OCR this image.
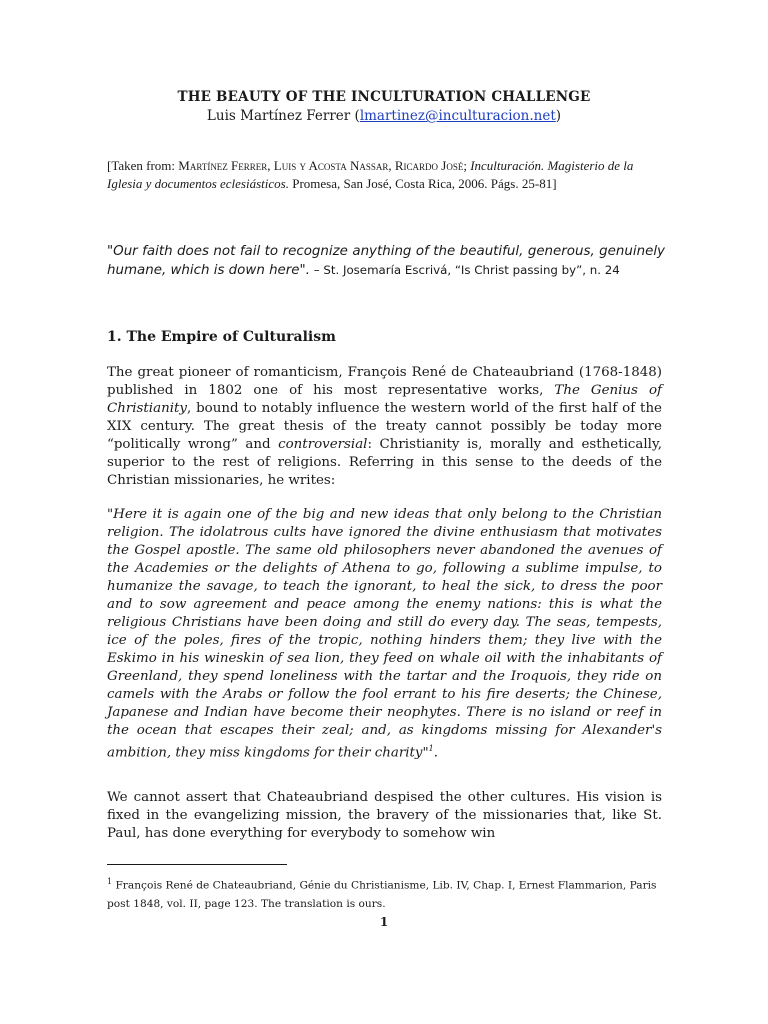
THE BEAUTY OF THE INCULTURATION CHALLENGE
Luis Martínez Ferrer (lmartinez@inculturacion.net)
[Taken from: Martínez Ferrer, Luis y Acosta Nassar, Ricardo José; Inculturación. Magisterio de la Iglesia y documentos eclesiásticos. Promesa, San José, Costa Rica, 2006. Págs. 25-81]
"Our faith does not fail to recognize anything of the beautiful, generous, genuinely humane, which is down here". – St. Josemaría Escrivá, “Is Christ passing by”, n. 24
1. The Empire of Culturalism

The great pioneer of romanticism, François René de Chateaubriand (1768-1848) published in 1802 one of his most representative works, The Genius of Christianity, bound to notably influence the western world of the first half of the XIX century. The great thesis of the treaty cannot possibly be today more “politically wrong” and controversial: Christianity is, morally and esthetically, superior to the rest of religions. Referring in this sense to the deeds of the Christian missionaries, he writes:

"Here it is again one of the big and new ideas that only belong to the Christian religion. The idolatrous cults have ignored the divine enthusiasm that motivates the Gospel apostle. The same old philosophers never abandoned the avenues of the Academies or the delights of Athena to go, following a sublime impulse, to humanize the savage, to teach the ignorant, to heal the sick, to dress the poor and to sow agreement and peace among the enemy nations: this is what the religious Christians have been doing and still do every day. The seas, tempests, ice of the poles, fires of the tropic, nothing hinders them; they live with the Eskimo in his wineskin of sea lion, they feed on whale oil with the inhabitants of Greenland, they spend loneliness with the tartar and the Iroquois, they ride on camels with the Arabs or follow the fool errant to his fire deserts; the Chinese, Japanese and Indian have become their neophytes. There is no island or reef in the ocean that escapes their zeal; and, as kingdoms missing for Alexander's ambition, they miss kingdoms for their charity"$^1$.

We cannot assert that Chateaubriand despised the other cultures. His vision is fixed in the evangelizing mission, the bravery of the missionaries that, like St. Paul, has done everything for everybody to somehow win

$^1$ François René de Chateaubriand, Génie du Christianisme, Lib. IV, Chap. I, Ernest Flammarion, Paris post 1848, vol. II, page 123. The translation is ours.
1
